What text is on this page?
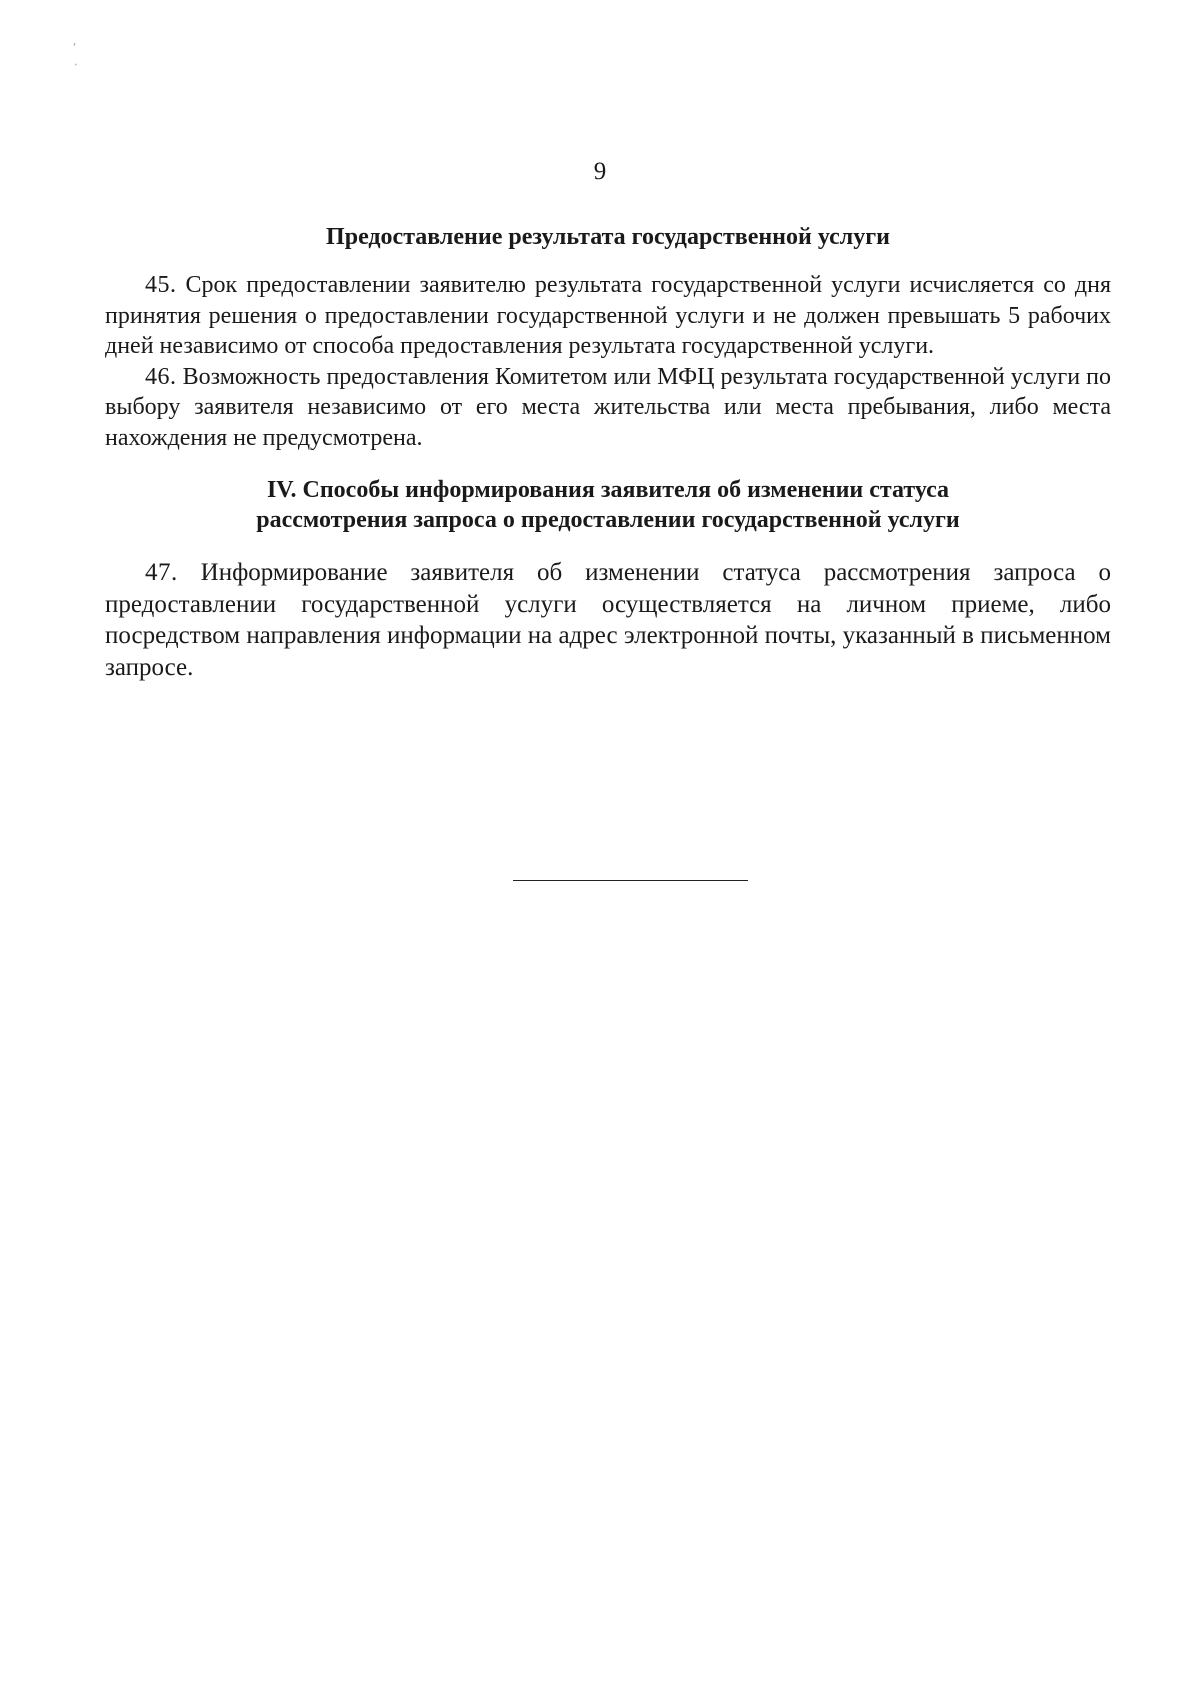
‘
ˏ
9
Предоставление результата государственной услуги

45. Срок предоставлении заявителю результата государственной услуги исчисляется со дня принятия решения о предоставлении государственной услуги и не должен превышать 5 рабочих дней независимо от способа предоставления результата государственной услуги.

46. Возможность предоставления Комитетом или МФЦ результата государственной услуги по выбору заявителя независимо от его места жительства или места пребывания, либо места нахождения не предусмотрена.

IV. Способы информирования заявителя об изменении статуса
рассмотрения запроса о предоставлении государственной услуги

47. Информирование заявителя об изменении статуса рассмотрения запроса о предоставлении государственной услуги осуществляется на личном приеме, либо посредством направления информации на адрес электронной почты, указанный в письменном запросе.
